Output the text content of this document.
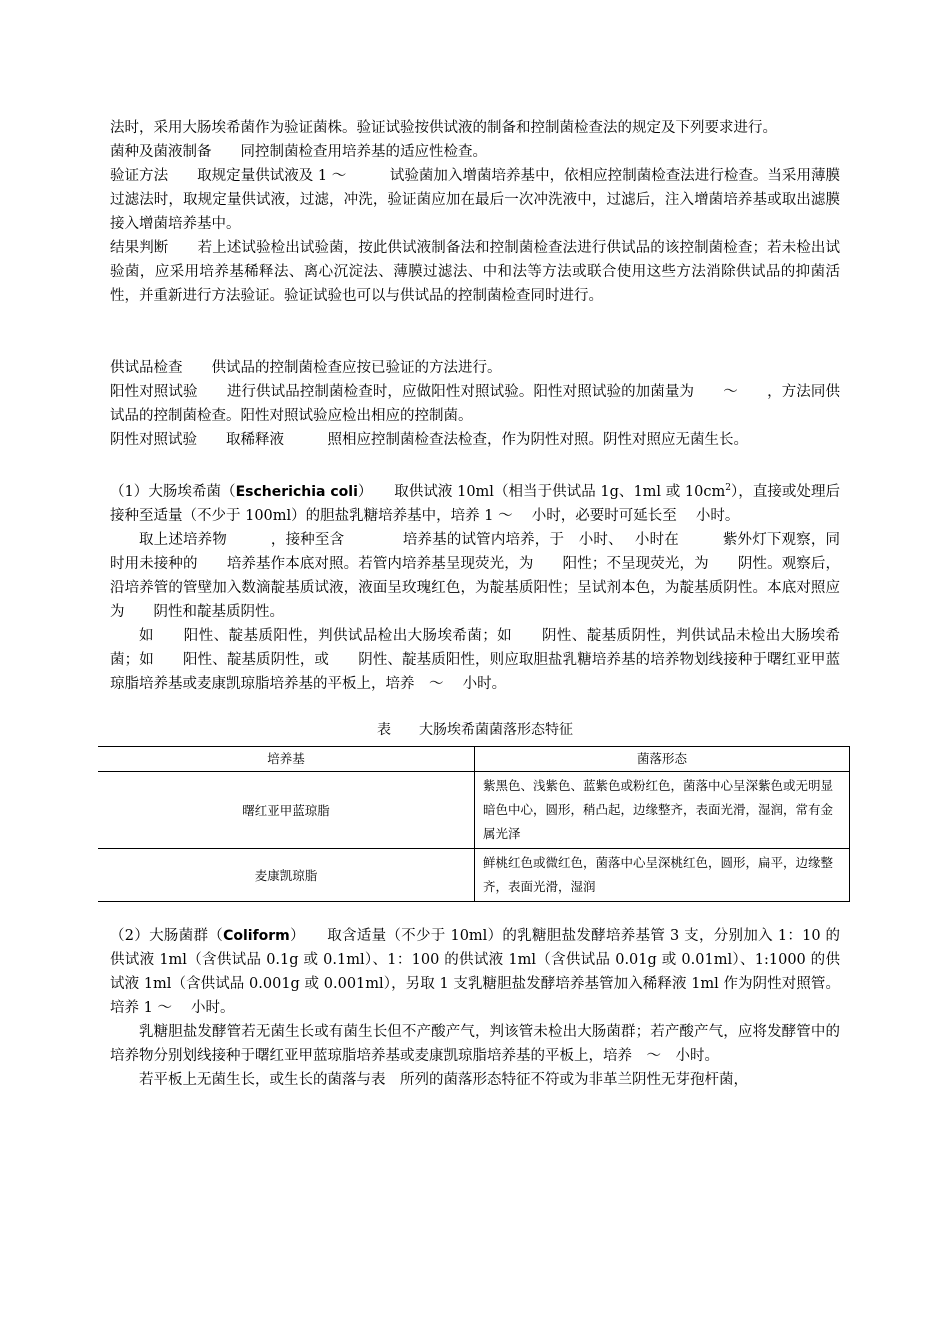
法时，采用大肠埃希菌作为验证菌株。验证试验按供试液的制备和控制菌检查法的规定及下列要求进行。

菌种及菌液制备　　同控制菌检查用培养基的适应性检查。

验证方法　　取规定量供试液及 1 ～　　　试验菌加入增菌培养基中，依相应控制菌检查法进行检查。当采用薄膜过滤法时，取规定量供试液，过滤，冲洗，验证菌应加在最后一次冲洗液中，过滤后，注入增菌培养基或取出滤膜接入增菌培养基中。

结果判断　　若上述试验检出试验菌，按此供试液制备法和控制菌检查法进行供试品的该控制菌检查；若未检出试验菌，应采用培养基稀释法、离心沉淀法、薄膜过滤法、中和法等方法或联合使用这些方法消除供试品的抑菌活性，并重新进行方法验证。验证试验也可以与供试品的控制菌检查同时进行。

供试品检查　　供试品的控制菌检查应按已验证的方法进行。

阳性对照试验　　进行供试品控制菌检查时，应做阳性对照试验。阳性对照试验的加菌量为　　～　　，方法同供试品的控制菌检查。阳性对照试验应检出相应的控制菌。

阴性对照试验　　取稀释液　　　照相应控制菌检查法检查，作为阴性对照。阴性对照应无菌生长。

（1）大肠埃希菌（Escherichia coli）　　取供试液 10ml（相当于供试品 1g、1ml 或 $10cm^2$），直接或处理后接种至适量（不少于 100ml）的胆盐乳糖培养基中，培养 1 ～　 小时，必要时可延长至　 小时。

取上述培养物　　　，接种至含　　　　培养基的试管内培养，于　小时、　 小时在　　　紫外灯下观察，同时用未接种的　　培养基作本底对照。若管内培养基呈现荧光，为　　阳性；不呈现荧光，为　　阴性。观察后，沿培养管的管壁加入数滴靛基质试液，液面呈玫瑰红色，为靛基质阳性；呈试剂本色，为靛基质阴性。本底对照应为　　阴性和靛基质阴性。

如　　阳性、靛基质阳性，判供试品检出大肠埃希菌；如　　阴性、靛基质阴性，判供试品未检出大肠埃希菌；如　　阳性、靛基质阴性，或　　阴性、靛基质阳性，则应取胆盐乳糖培养基的培养物划线接种于曙红亚甲蓝琼脂培养基或麦康凯琼脂培养基的平板上，培养　～　 小时。

表　　大肠埃希菌菌落形态特征
培养基	菌落形态
曙红亚甲蓝琼脂	紫黑色、浅紫色、蓝紫色或粉红色，菌落中心呈深紫色或无明显暗色中心，圆形，稍凸起，边缘整齐，表面光滑，湿润，常有金属光泽
麦康凯琼脂	鲜桃红色或微红色，菌落中心呈深桃红色，圆形，扁平，边缘整齐，表面光滑，湿润

（2）大肠菌群（Coliform）　　取含适量（不少于 10ml）的乳糖胆盐发酵培养基管 3 支，分别加入 1：10 的供试液 1ml（含供试品 0.1g 或 0.1ml）、1：100 的供试液 1ml（含供试品 0.01g 或 0.01ml）、1:1000 的供试液 1ml（含供试品 0.001g 或 0.001ml），另取 1 支乳糖胆盐发酵培养基管加入稀释液 1ml 作为阴性对照管。培养 1 ～　 小时。

乳糖胆盐发酵管若无菌生长或有菌生长但不产酸产气，判该管未检出大肠菌群；若产酸产气，应将发酵管中的培养物分别划线接种于曙红亚甲蓝琼脂培养基或麦康凯琼脂培养基的平板上，培养　～　小时。

若平板上无菌生长，或生长的菌落与表　所列的菌落形态特征不符或为非革兰阴性无芽孢杆菌，
